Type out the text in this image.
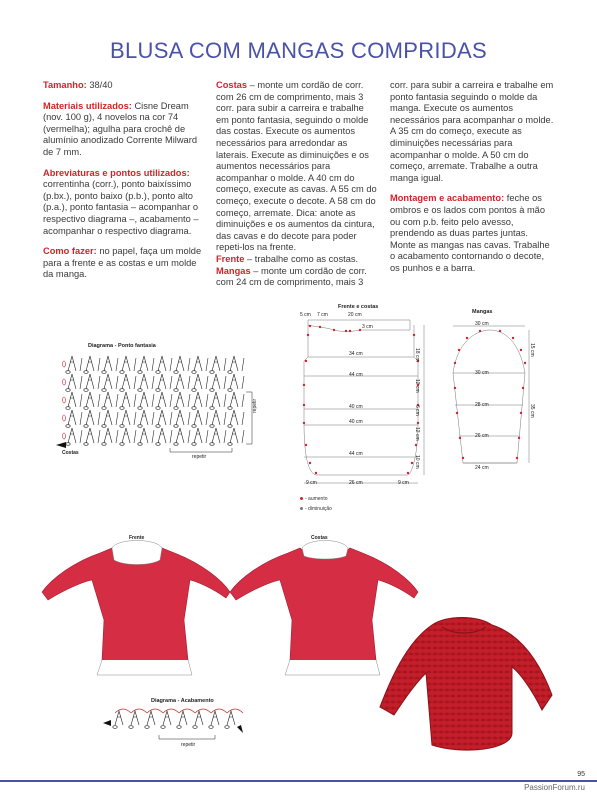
BLUSA COM MANGAS COMPRIDAS

Tamanho: 38/40

Materiais utilizados: Cisne Dream (nov. 100 g), 4 novelos na cor 74 (vermelha); agulha para crochê de alumínio anodizado Corrente Milward de 7 mm.

Abreviaturas e pontos utilizados: correntinha (corr.), ponto baixíssimo (p.bx.), ponto baixo (p.b.), ponto alto (p.a.), ponto fantasia – acompanhar o respectivo diagrama –, acabamento – acompanhar o respectivo diagrama.

Como fazer: no papel, faça um molde para a frente e as costas e um molde da manga.

Costas – monte um cordão de corr. com 26 cm de comprimento, mais 3 corr. para subir a carreira e trabalhe em ponto fantasia, seguindo o molde das costas. Execute os aumentos necessários para arredondar as laterais. Execute as diminuições e os aumentos necessários para acompanhar o molde. A 40 cm do começo, execute as cavas. A 55 cm do começo, execute o decote. A 58 cm do começo, arremate. Dica: anote as diminuições e os aumentos da cintura, das cavas e do decote para poder repeti-los na frente.

Frente – trabalhe como as costas.

Mangas – monte um cordão de corr. com 24 cm de comprimento, mais 3

corr. para subir a carreira e trabalhe em ponto fantasia seguindo o molde da manga. Execute os aumentos necessários para acompanhar o molde. A 35 cm do começo, execute as diminuições necessárias para acompanhar o molde. A 50 cm do começo, arremate. Trabalhe a outra manga igual.

Montagem e acabamento: feche os ombros e os lados com pontos à mão ou com p.b. feito pelo avesso, prendendo as duas partes juntas. Monte as mangas nas cavas. Trabalhe o acabamento contornando o decote, os punhos e a barra.

Diagrama - Ponto fantasia
repetir
Costas
repetir
Frente e costas
5 cm 7 cm	20 cm
3 cm
34 cm
44 cm
40 cm
40 cm
44 cm
9 cm	26 cm	9 cm
18 cm
12 cm
6 cm
12 cm
10 cm
Mangas
30 cm
30 cm
28 cm
26 cm
24 cm
15 cm
35 cm
- aumento
- diminuição
Frente	Costas
Diagrama - Acabamento
repetir
95
PassionForum.ru
